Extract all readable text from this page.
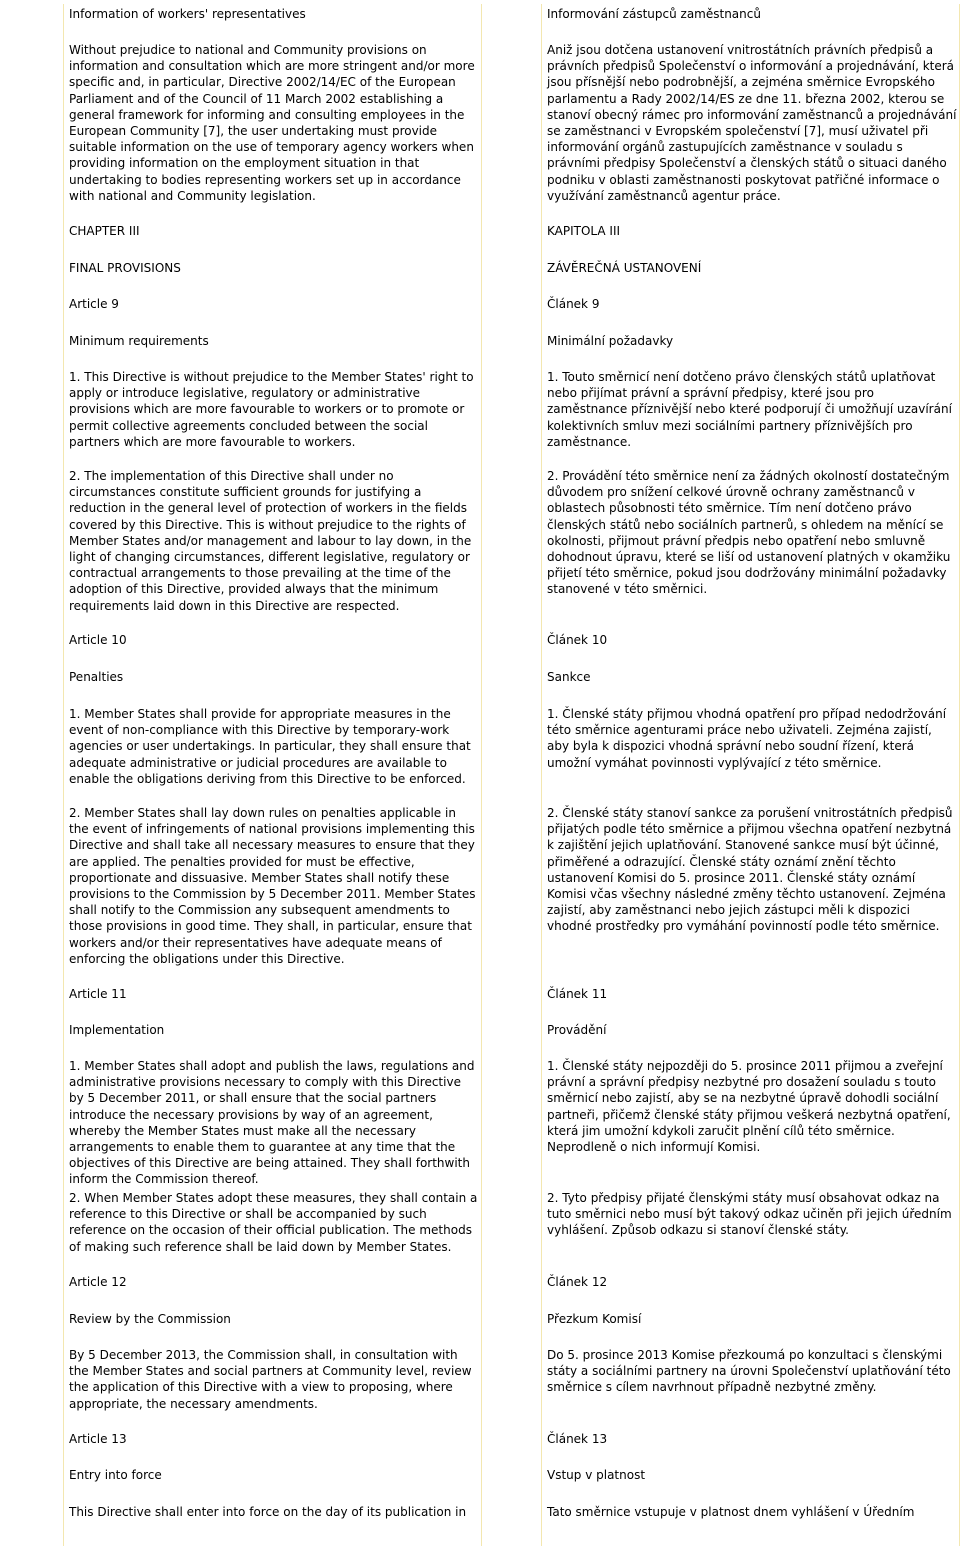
Information of workers' representatives

Without prejudice to national and Community provisions on information and consultation which are more stringent and/or more specific and, in particular, Directive 2002/14/EC of the European Parliament and of the Council of 11 March 2002 establishing a general framework for informing and consulting employees in the European Community [7], the user undertaking must provide suitable information on the use of temporary agency workers when providing information on the employment situation in that undertaking to bodies representing workers set up in accordance with national and Community legislation.

CHAPTER III

FINAL PROVISIONS

Article 9

Minimum requirements

1. This Directive is without prejudice to the Member States' right to apply or introduce legislative, regulatory or administrative provisions which are more favourable to workers or to promote or permit collective agreements concluded between the social partners which are more favourable to workers.

2. The implementation of this Directive shall under no circumstances constitute sufficient grounds for justifying a reduction in the general level of protection of workers in the fields covered by this Directive. This is without prejudice to the rights of Member States and/or management and labour to lay down, in the light of changing circumstances, different legislative, regulatory or contractual arrangements to those prevailing at the time of the adoption of this Directive, provided always that the minimum requirements laid down in this Directive are respected.

Article 10

Penalties

1. Member States shall provide for appropriate measures in the event of non-compliance with this Directive by temporary-work agencies or user undertakings. In particular, they shall ensure that adequate administrative or judicial procedures are available to enable the obligations deriving from this Directive to be enforced.

2. Member States shall lay down rules on penalties applicable in the event of infringements of national provisions implementing this Directive and shall take all necessary measures to ensure that they are applied. The penalties provided for must be effective, proportionate and dissuasive. Member States shall notify these provisions to the Commission by 5 December 2011. Member States shall notify to the Commission any subsequent amendments to those provisions in good time. They shall, in particular, ensure that workers and/or their representatives have adequate means of enforcing the obligations under this Directive.

Article 11

Implementation

1. Member States shall adopt and publish the laws, regulations and administrative provisions necessary to comply with this Directive by 5 December 2011, or shall ensure that the social partners introduce the necessary provisions by way of an agreement, whereby the Member States must make all the necessary arrangements to enable them to guarantee at any time that the objectives of this Directive are being attained. They shall forthwith inform the Commission thereof.

2. When Member States adopt these measures, they shall contain a reference to this Directive or shall be accompanied by such reference on the occasion of their official publication. The methods of making such reference shall be laid down by Member States.

Article 12

Review by the Commission

By 5 December 2013, the Commission shall, in consultation with the Member States and social partners at Community level, review the application of this Directive with a view to proposing, where appropriate, the necessary amendments.

Article 13

Entry into force

This Directive shall enter into force on the day of its publication in

Informování zástupců zaměstnanců

Aniž jsou dotčena ustanovení vnitrostátních právních předpisů a právních předpisů Společenství o informování a projednávání, která jsou přísnější nebo podrobnější, a zejména směrnice Evropského parlamentu a Rady 2002/14/ES ze dne 11. března 2002, kterou se stanoví obecný rámec pro informování zaměstnanců a projednávání se zaměstnanci v Evropském společenství [7], musí uživatel při informování orgánů zastupujících zaměstnance v souladu s právními předpisy Společenství a členských států o situaci daného podniku v oblasti zaměstnanosti poskytovat patřičné informace o využívání zaměstnanců agentur práce.

KAPITOLA III

ZÁVĚREČNÁ USTANOVENÍ

Článek 9

Minimální požadavky

1. Touto směrnicí není dotčeno právo členských států uplatňovat nebo přijímat právní a správní předpisy, které jsou pro zaměstnance příznivější nebo které podporují či umožňují uzavírání kolektivních smluv mezi sociálními partnery příznivějších pro zaměstnance.

2. Provádění této směrnice není za žádných okolností dostatečným důvodem pro snížení celkové úrovně ochrany zaměstnanců v oblastech působnosti této směrnice. Tím není dotčeno právo členských států nebo sociálních partnerů, s ohledem na měnící se okolnosti, přijmout právní předpis nebo opatření nebo smluvně dohodnout úpravu, které se liší od ustanovení platných v okamžiku přijetí této směrnice, pokud jsou dodržovány minimální požadavky stanovené v této směrnici.

Článek 10

Sankce

1. Členské státy přijmou vhodná opatření pro případ nedodržování této směrnice agenturami práce nebo uživateli. Zejména zajistí, aby byla k dispozici vhodná správní nebo soudní řízení, která umožní vymáhat povinnosti vyplývající z této směrnice.

2. Členské státy stanoví sankce za porušení vnitrostátních předpisů přijatých podle této směrnice a přijmou všechna opatření nezbytná k zajištění jejich uplatňování. Stanovené sankce musí být účinné, přiměřené a odrazující. Členské státy oznámí znění těchto ustanovení Komisi do 5. prosince 2011. Členské státy oznámí Komisi včas všechny následné změny těchto ustanovení. Zejména zajistí, aby zaměstnanci nebo jejich zástupci měli k dispozici vhodné prostředky pro vymáhání povinností podle této směrnice.

Článek 11

Provádění

1. Členské státy nejpozději do 5. prosince 2011 přijmou a zveřejní právní a správní předpisy nezbytné pro dosažení souladu s touto směrnicí nebo zajistí, aby se na nezbytné úpravě dohodli sociální partneři, přičemž členské státy přijmou veškerá nezbytná opatření, která jim umožní kdykoli zaručit plnění cílů této směrnice. Neprodleně o nich informují Komisi.

2. Tyto předpisy přijaté členskými státy musí obsahovat odkaz na tuto směrnici nebo musí být takový odkaz učiněn při jejich úředním vyhlášení. Způsob odkazu si stanoví členské státy.

Článek 12

Přezkum Komisí

Do 5. prosince 2013 Komise přezkoumá po konzultaci s členskými státy a sociálními partnery na úrovni Společenství uplatňování této směrnice s cílem navrhnout případně nezbytné změny.

Článek 13

Vstup v platnost

Tato směrnice vstupuje v platnost dnem vyhlášení v Úředním
